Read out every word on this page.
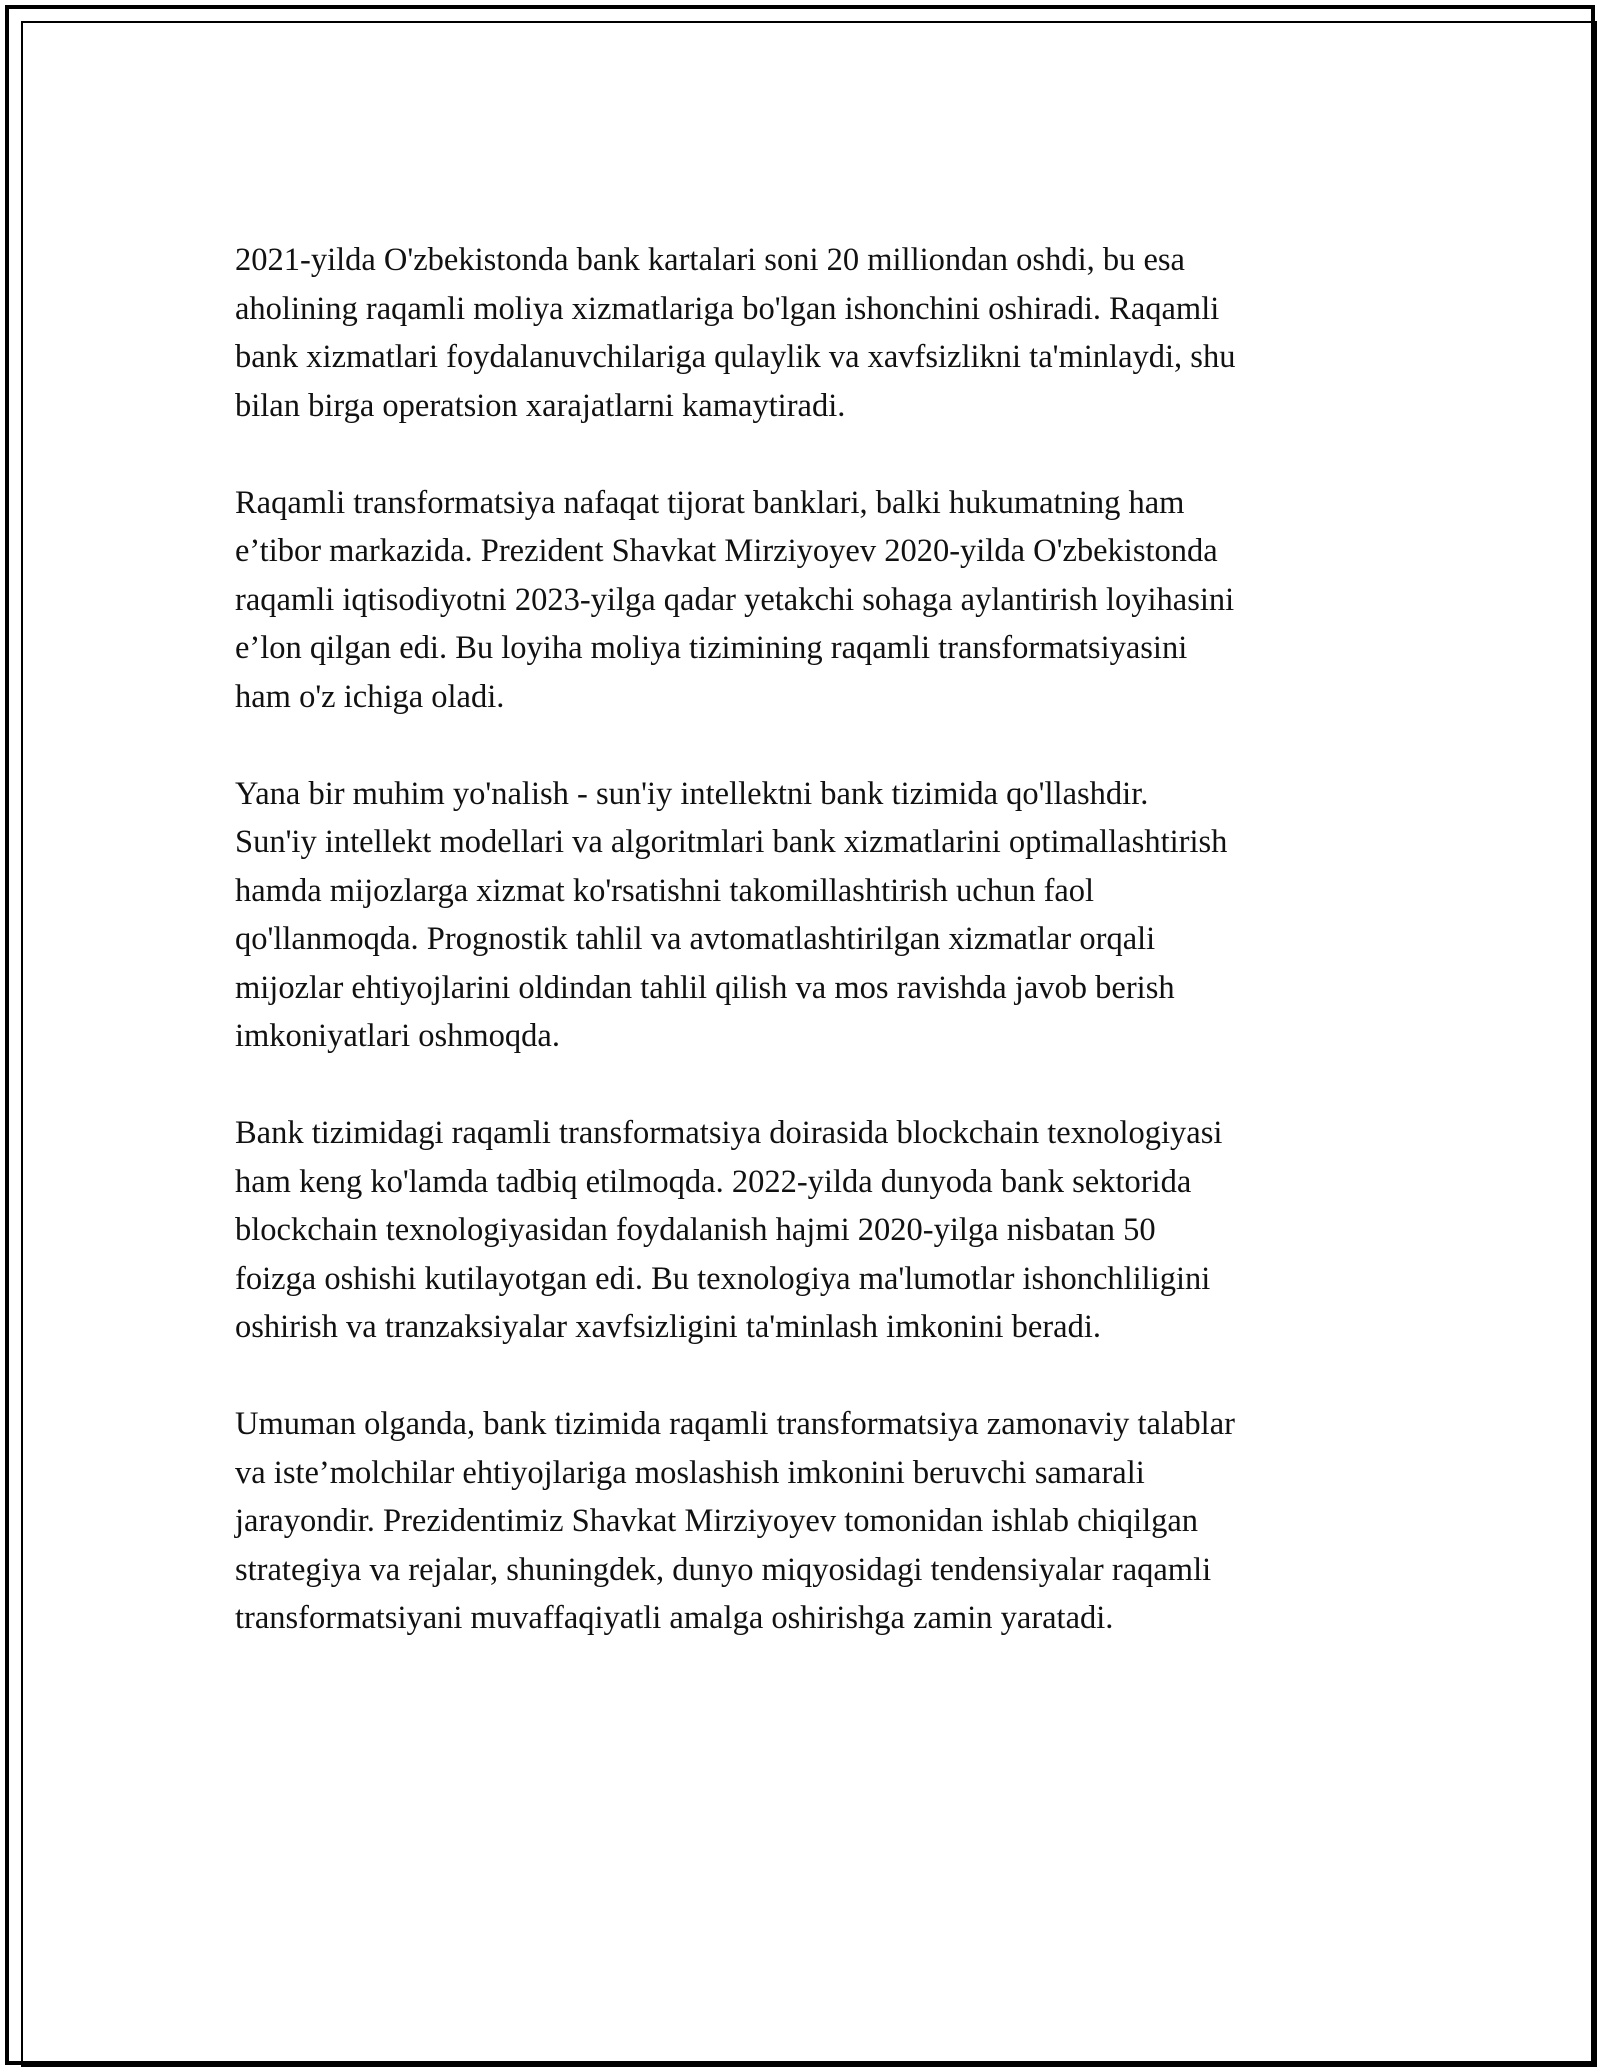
2021-yilda O'zbekistonda bank kartalari soni 20 milliondan oshdi, bu esa
aholining raqamli moliya xizmatlariga bo'lgan ishonchini oshiradi. Raqamli
bank xizmatlari foydalanuvchilariga qulaylik va xavfsizlikni ta'minlaydi, shu
bilan birga operatsion xarajatlarni kamaytiradi.

Raqamli transformatsiya nafaqat tijorat banklari, balki hukumatning ham
e’tibor markazida. Prezident Shavkat Mirziyoyev 2020-yilda O'zbekistonda
raqamli iqtisodiyotni 2023-yilga qadar yetakchi sohaga aylantirish loyihasini
e’lon qilgan edi. Bu loyiha moliya tizimining raqamli transformatsiyasini
ham o'z ichiga oladi.

Yana bir muhim yo'nalish - sun'iy intellektni bank tizimida qo'llashdir.
Sun'iy intellekt modellari va algoritmlari bank xizmatlarini optimallashtirish
hamda mijozlarga xizmat ko'rsatishni takomillashtirish uchun faol
qo'llanmoqda. Prognostik tahlil va avtomatlashtirilgan xizmatlar orqali
mijozlar ehtiyojlarini oldindan tahlil qilish va mos ravishda javob berish
imkoniyatlari oshmoqda.

Bank tizimidagi raqamli transformatsiya doirasida blockchain texnologiyasi
ham keng ko'lamda tadbiq etilmoqda. 2022-yilda dunyoda bank sektorida
blockchain texnologiyasidan foydalanish hajmi 2020-yilga nisbatan 50
foizga oshishi kutilayotgan edi. Bu texnologiya ma'lumotlar ishonchliligini
oshirish va tranzaksiyalar xavfsizligini ta'minlash imkonini beradi.

Umuman olganda, bank tizimida raqamli transformatsiya zamonaviy talablar
va iste’molchilar ehtiyojlariga moslashish imkonini beruvchi samarali
jarayondir. Prezidentimiz Shavkat Mirziyoyev tomonidan ishlab chiqilgan
strategiya va rejalar, shuningdek, dunyo miqyosidagi tendensiyalar raqamli
transformatsiyani muvaffaqiyatli amalga oshirishga zamin yaratadi.
